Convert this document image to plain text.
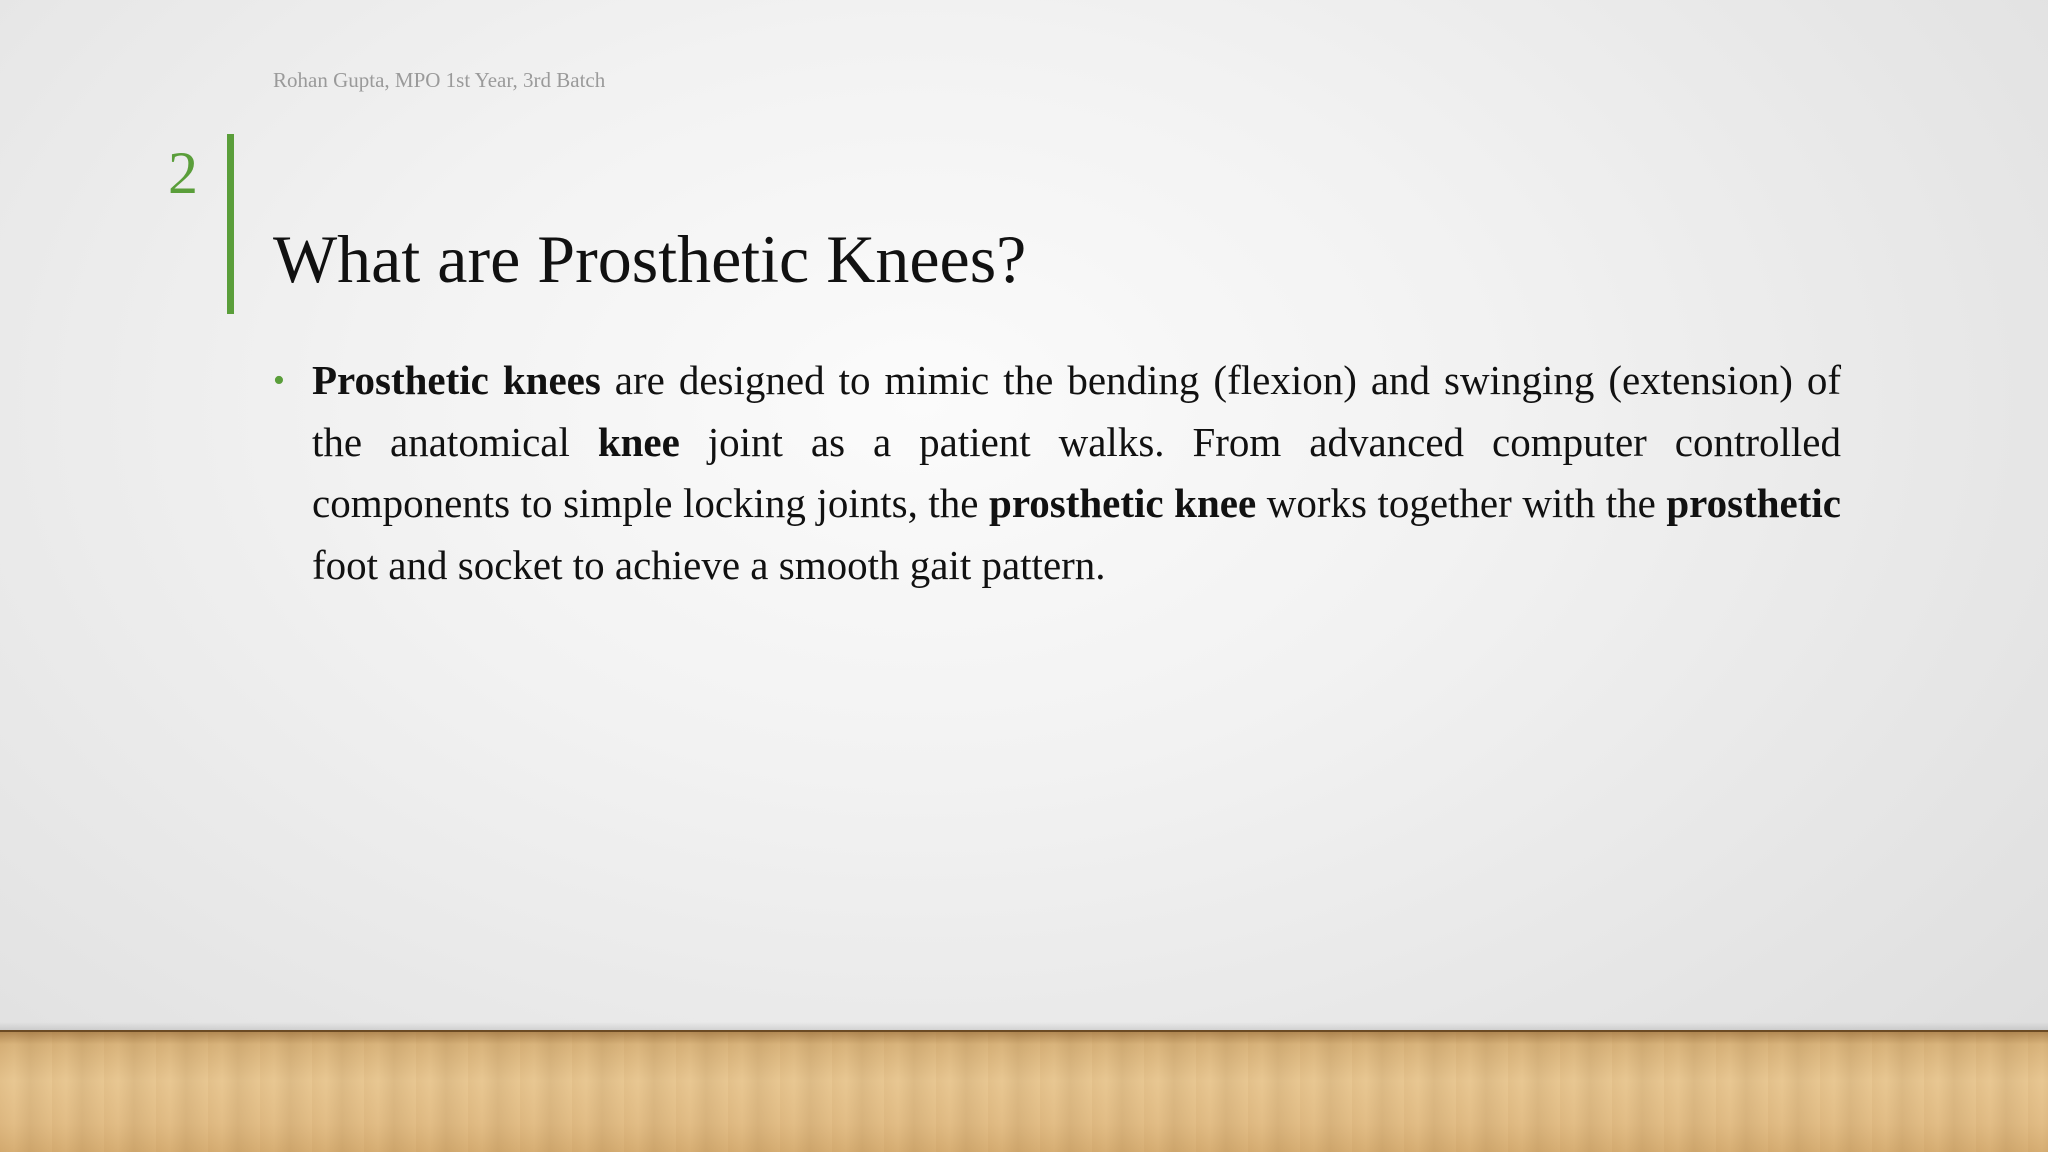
Rohan Gupta, MPO 1st Year, 3rd Batch
2
What are Prosthetic Knees?
• Prosthetic knees are designed to mimic the bending (flexion) and swinging (extension) of the anatomical knee joint as a patient walks. From advanced computer controlled components to simple locking joints, the prosthetic knee works together with the prosthetic foot and socket to achieve a smooth gait pattern.
